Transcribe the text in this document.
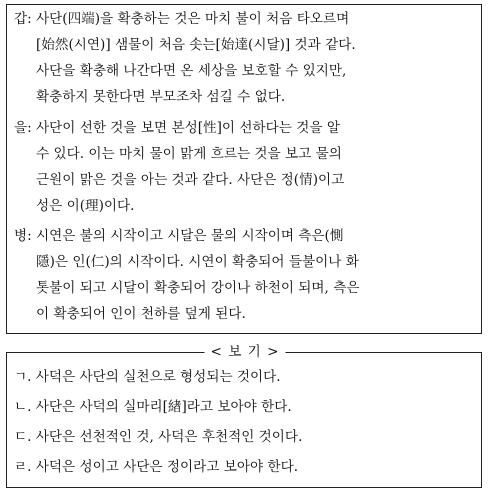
갑: 사단(四端)을 확충하는 것은 마치 불이 처음 타오르며
[始然(시연)] 샘물이 처음 솟는[始達(시달)] 것과 같다.
사단을 확충해 나간다면 온 세상을 보호할 수 있지만,
확충하지 못한다면 부모조차 섬길 수 없다.
을: 사단이 선한 것을 보면 본성[性]이 선하다는 것을 알
수 있다. 이는 마치 물이 맑게 흐르는 것을 보고 물의
근원이 맑은 것을 아는 것과 같다. 사단은 정(情)이고
성은 이(理)이다.
병: 시연은 불의 시작이고 시달은 물의 시작이며 측은(惻
隱)은 인(仁)의 시작이다. 시연이 확충되어 들불이나 화
톳불이 되고 시달이 확충되어 강이나 하천이 되며, 측은
이 확충되어 인이 천하를 덮게 된다.
< 보 기 >
ㄱ. 사덕은 사단의 실천으로 형성되는 것이다.
ㄴ. 사단은 사덕의 실마리[緖]라고 보아야 한다.
ㄷ. 사단은 선천적인 것, 사덕은 후천적인 것이다.
ㄹ. 사덕은 성이고 사단은 정이라고 보아야 한다.
